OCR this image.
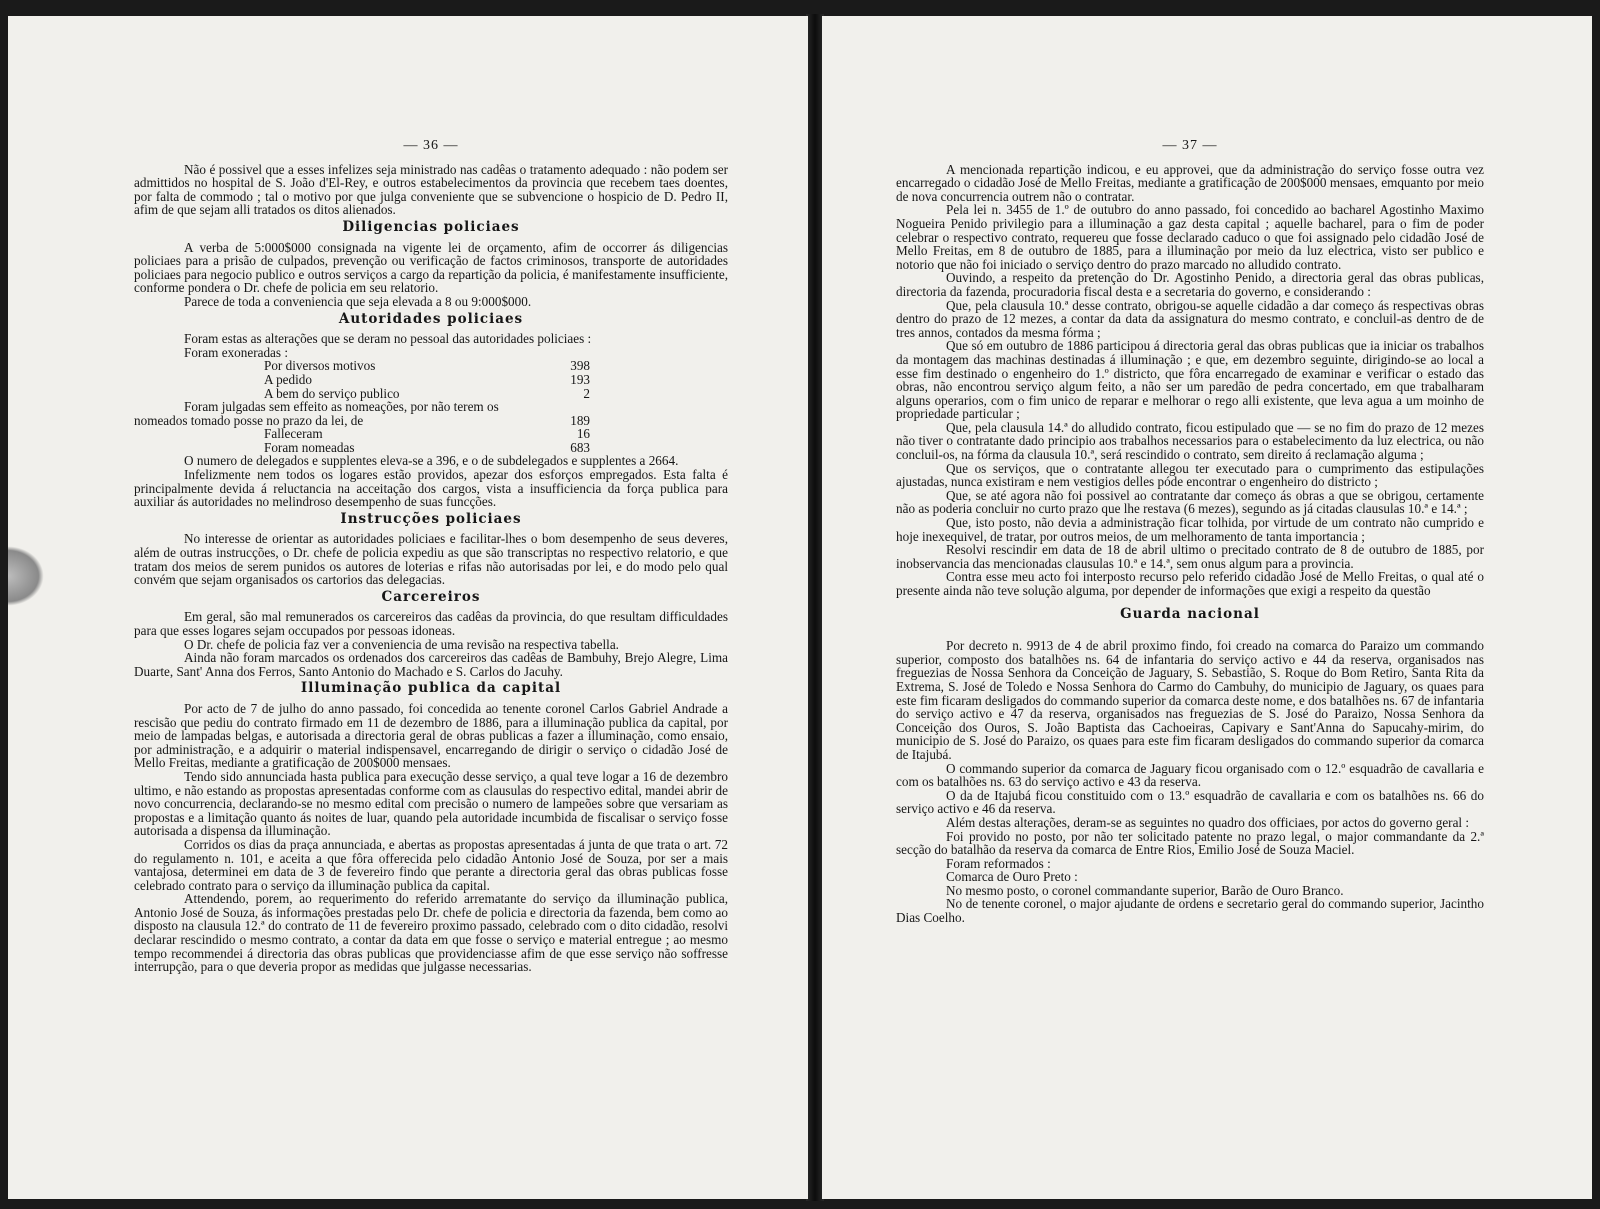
— 36 —

Não é possivel que a esses infelizes seja ministrado nas cadêas o tratamento adequado : não podem ser admittidos no hospital de S. João d'El-Rey, e outros estabelecimentos da provincia que recebem taes doentes, por falta de commodo ; tal o motivo por que julga conveniente que se subvencione o hospicio de D. Pedro II, afim de que sejam alli tratados os ditos alienados.

Diligencias policiaes

A verba de 5:000$000 consignada na vigente lei de orçamento, afim de occorrer ás diligencias policiaes para a prisão de culpados, prevenção ou verificação de factos criminosos, transporte de autoridades policiaes para negocio publico e outros serviços a cargo da repartição da policia, é manifestamente insufficiente, conforme pondera o Dr. chefe de policia em seu relatorio.

Parece de toda a conveniencia que seja elevada a 8 ou 9:000$000.

Autoridades policiaes

Foram estas as alterações que se deram no pessoal das autoridades policiaes :

Foram exoneradas :

Por diversos motivos	398
A pedido	193
A bem do serviço publico	2

Foram julgadas sem effeito as nomeações, por não terem os

nomeados tomado posse no prazo da lei, de	189
Falleceram	16
Foram nomeadas	683

O numero de delegados e supplentes eleva-se a 396, e o de subdelegados e supplentes a 2664.

Infelizmente nem todos os logares estão providos, apezar dos esforços empregados. Esta falta é principalmente devida á reluctancia na acceitação dos cargos, vista a insufficiencia da força publica para auxiliar ás autoridades no melindroso desempenho de suas funcções.

Instrucções policiaes

No interesse de orientar as autoridades policiaes e facilitar-lhes o bom desempenho de seus deveres, além de outras instrucções, o Dr. chefe de policia expediu as que são transcriptas no respectivo relatorio, e que tratam dos meios de serem punidos os autores de loterias e rifas não autorisadas por lei, e do modo pelo qual convém que sejam organisados os cartorios das delegacias.

Carcereiros

Em geral, são mal remunerados os carcereiros das cadêas da provincia, do que resultam difficuldades para que esses logares sejam occupados por pessoas idoneas.

O Dr. chefe de policia faz ver a conveniencia de uma revisão na respectiva tabella.

Ainda não foram marcados os ordenados dos carcereiros das cadêas de Bambuhy, Brejo Alegre, Lima Duarte, Sant' Anna dos Ferros, Santo Antonio do Machado e S. Carlos do Jacuhy.

Illuminação publica da capital

Por acto de 7 de julho do anno passado, foi concedida ao tenente coronel Carlos Gabriel Andrade a rescisão que pediu do contrato firmado em 11 de dezembro de 1886, para a illuminação publica da capital, por meio de lampadas belgas, e autorisada a directoria geral de obras publicas a fazer a illuminação, como ensaio, por administração, e a adquirir o material indispensavel, encarregando de dirigir o serviço o cidadão José de Mello Freitas, mediante a gratificação de 200$000 mensaes.

Tendo sido annunciada hasta publica para execução desse serviço, a qual teve logar a 16 de dezembro ultimo, e não estando as propostas apresentadas conforme com as clausulas do respectivo edital, mandei abrir de novo concurrencia, declarando-se no mesmo edital com precisão o numero de lampeões sobre que versariam as propostas e a limitação quanto ás noites de luar, quando pela autoridade incumbida de fiscalisar o serviço fosse autorisada a dispensa da illuminação.

Corridos os dias da praça annunciada, e abertas as propostas apresentadas á junta de que trata o art. 72 do regulamento n. 101, e aceita a que fôra offerecida pelo cidadão Antonio José de Souza, por ser a mais vantajosa, determinei em data de 3 de fevereiro findo que perante a directoria geral das obras publicas fosse celebrado contrato para o serviço da illuminação publica da capital.

Attendendo, porem, ao requerimento do referido arrematante do serviço da illuminação publica, Antonio José de Souza, ás informações prestadas pelo Dr. chefe de policia e directoria da fazenda, bem como ao disposto na clausula 12.ª do contrato de 11 de fevereiro proximo passado, celebrado com o dito cidadão, resolvi declarar rescindido o mesmo contrato, a contar da data em que fosse o serviço e material entregue ; ao mesmo tempo recommendei á directoria das obras publicas que providenciasse afim de que esse serviço não soffresse interrupção, para o que deveria propor as medidas que julgasse necessarias.

— 37 —

A mencionada repartição indicou, e eu approvei, que da administração do serviço fosse outra vez encarregado o cidadão José de Mello Freitas, mediante a gratificação de 200$000 mensaes, emquanto por meio de nova concurrencia outrem não o contratar.

Pela lei n. 3455 de 1.º de outubro do anno passado, foi concedido ao bacharel Agostinho Maximo Nogueira Penido privilegio para a illuminação a gaz desta capital ; aquelle bacharel, para o fim de poder celebrar o respectivo contrato, requereu que fosse declarado caduco o que foi assignado pelo cidadão José de Mello Freitas, em 8 de outubro de 1885, para a illuminação por meio da luz electrica, visto ser publico e notorio que não foi iniciado o serviço dentro do prazo marcado no alludido contrato.

Ouvindo, a respeito da pretenção do Dr. Agostinho Penido, a directoria geral das obras publicas, directoria da fazenda, procuradoria fiscal desta e a secretaria do governo, e considerando :

Que, pela clausula 10.ª desse contrato, obrigou-se aquelle cidadão a dar começo ás respectivas obras dentro do prazo de 12 mezes, a contar da data da assignatura do mesmo contrato, e concluil-as dentro de de tres annos, contados da mesma fórma ;

Que só em outubro de 1886 participou á directoria geral das obras publicas que ia iniciar os trabalhos da montagem das machinas destinadas á illuminação ; e que, em dezembro seguinte, dirigindo-se ao local a esse fim destinado o engenheiro do 1.º districto, que fôra encarregado de examinar e verificar o estado das obras, não encontrou serviço algum feito, a não ser um paredão de pedra concertado, em que trabalharam alguns operarios, com o fim unico de reparar e melhorar o rego alli existente, que leva agua a um moinho de propriedade particular ;

Que, pela clausula 14.ª do alludido contrato, ficou estipulado que — se no fim do prazo de 12 mezes não tiver o contratante dado principio aos trabalhos necessarios para o estabelecimento da luz electrica, ou não concluil-os, na fórma da clausula 10.ª, será rescindido o contrato, sem direito á reclamação alguma ;

Que os serviços, que o contratante allegou ter executado para o cumprimento das estipulações ajustadas, nunca existiram e nem vestigios delles póde encontrar o engenheiro do districto ;

Que, se até agora não foi possivel ao contratante dar começo ás obras a que se obrigou, certamente não as poderia concluir no curto prazo que lhe restava (6 mezes), segundo as já citadas clausulas 10.ª e 14.ª ;

Que, isto posto, não devia a administração ficar tolhida, por virtude de um contrato não cumprido e hoje inexequivel, de tratar, por outros meios, de um melhoramento de tanta importancia ;

Resolvi rescindir em data de 18 de abril ultimo o precitado contrato de 8 de outubro de 1885, por inobservancia das mencionadas clausulas 10.ª e 14.ª, sem onus algum para a provincia.

Contra esse meu acto foi interposto recurso pelo referido cidadão José de Mello Freitas, o qual até o presente ainda não teve solução alguma, por depender de informações que exigi a respeito da questão

Guarda nacional

Por decreto n. 9913 de 4 de abril proximo findo, foi creado na comarca do Paraizo um commando superior, composto dos batalhões ns. 64 de infantaria do serviço activo e 44 da reserva, organisados nas freguezias de Nossa Senhora da Conceição de Jaguary, S. Sebastião, S. Roque do Bom Retiro, Santa Rita da Extrema, S. José de Toledo e Nossa Senhora do Carmo do Cambuhy, do municipio de Jaguary, os quaes para este fim ficaram desligados do commando superior da comarca deste nome, e dos batalhões ns. 67 de infantaria do serviço activo e 47 da reserva, organisados nas freguezias de S. José do Paraizo, Nossa Senhora da Conceição dos Ouros, S. João Baptista das Cachoeiras, Capivary e Sant'Anna do Sapucahy-mirim, do municipio de S. José do Paraizo, os quaes para este fim ficaram desligados do commando superior da comarca de Itajubá.

O commando superior da comarca de Jaguary ficou organisado com o 12.º esquadrão de cavallaria e com os batalhões ns. 63 do serviço activo e 43 da reserva.

O da de Itajubá ficou constituido com o 13.º esquadrão de cavallaria e com os batalhões ns. 66 do serviço activo e 46 da reserva.

Além destas alterações, deram-se as seguintes no quadro dos officiaes, por actos do governo geral :

Foi provido no posto, por não ter solicitado patente no prazo legal, o major commandante da 2.ª secção do batalhão da reserva da comarca de Entre Rios, Emilio José de Souza Maciel.

Foram reformados :

Comarca de Ouro Preto :

No mesmo posto, o coronel commandante superior, Barão de Ouro Branco.

No de tenente coronel, o major ajudante de ordens e secretario geral do commando superior, Jacintho Dias Coelho.
